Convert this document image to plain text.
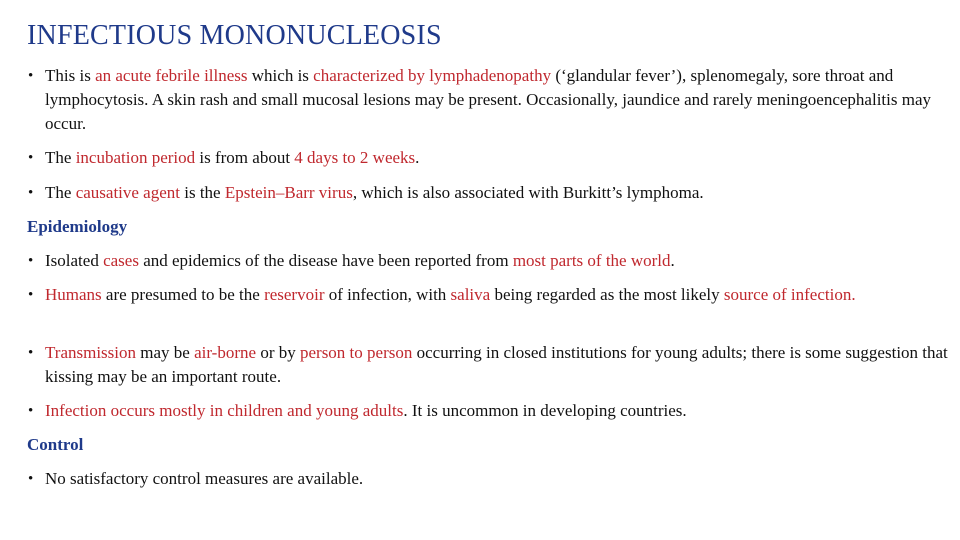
INFECTIOUS MONONUCLEOSIS

• This is an acute febrile illness which is characterized by lymphadenopathy (‘glandular fever’), splenomegaly, sore throat and lymphocytosis. A skin rash and small mucosal lesions may be present. Occasionally, jaundice and rarely meningoencephalitis may occur.

• The incubation period is from about 4 days to 2 weeks.

• The causative agent is the Epstein–Barr virus, which is also associated with Burkitt’s lymphoma.

Epidemiology

• Isolated cases and epidemics of the disease have been reported from most parts of the world.

• Humans are presumed to be the reservoir of infection, with saliva being regarded as the most likely source of infection.

• Transmission may be air-borne or by person to person occurring in closed institutions for young adults; there is some suggestion that kissing may be an important route.

• Infection occurs mostly in children and young adults. It is uncommon in developing countries.

Control

• No satisfactory control measures are available.
